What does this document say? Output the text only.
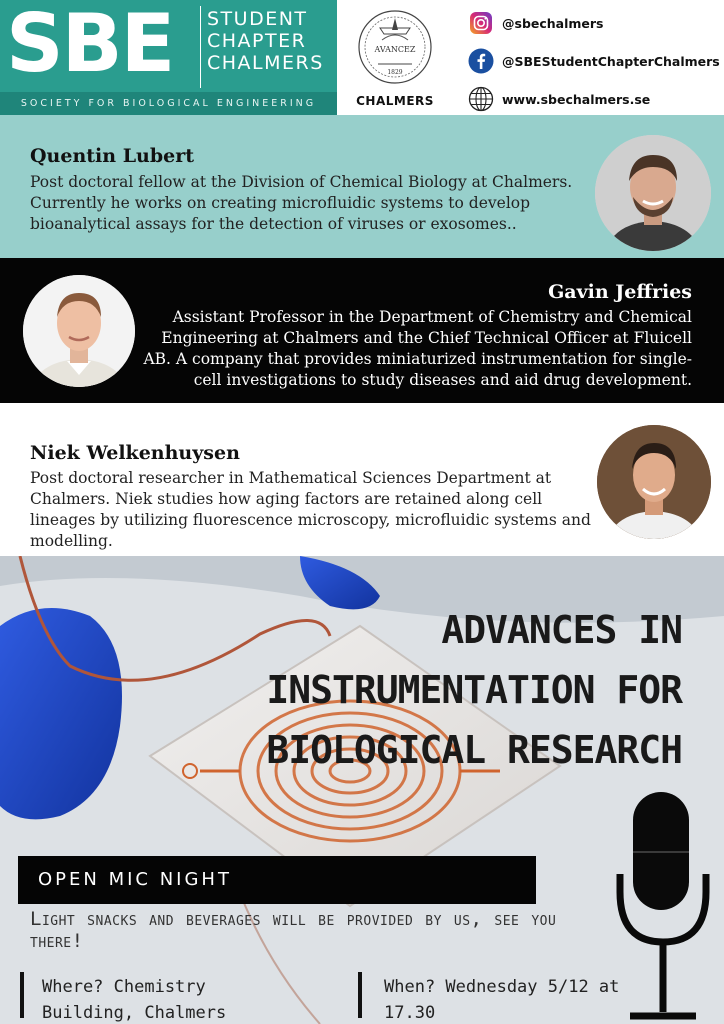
SBE	STUDENT
CHAPTER
CHALMERS
SOCIETY FOR BIOLOGICAL ENGINEERING
AVANCEZ
1829
CHALMERS
@sbechalmers
@SBEStudentChapterChalmers
www.sbechalmers.se
Quentin Lubert
Post doctoral fellow at the Division of Chemical Biology at Chalmers. Currently he works on creating microfluidic systems to develop bioanalytical assays for the detection of viruses or exosomes..
Gavin Jeffries
Assistant Professor in the Department of Chemistry and Chemical Engineering at Chalmers and the Chief Technical Officer at Fluicell AB. A company that provides miniaturized instrumentation for single-cell investigations to study diseases and aid drug development.
Niek Welkenhuysen
Post doctoral researcher in Mathematical Sciences Department at Chalmers. Niek studies how aging factors are retained along cell lineages by utilizing fluorescence microscopy, microfluidic systems and modelling.
ADVANCES IN
INSTRUMENTATION FOR
BIOLOGICAL RESEARCH
OPEN MIC NIGHT
Light snacks and beverages will be provided by us, see you there!
Where? Chemistry Building, Chalmers
When? Wednesday 5/12 at 17.30
